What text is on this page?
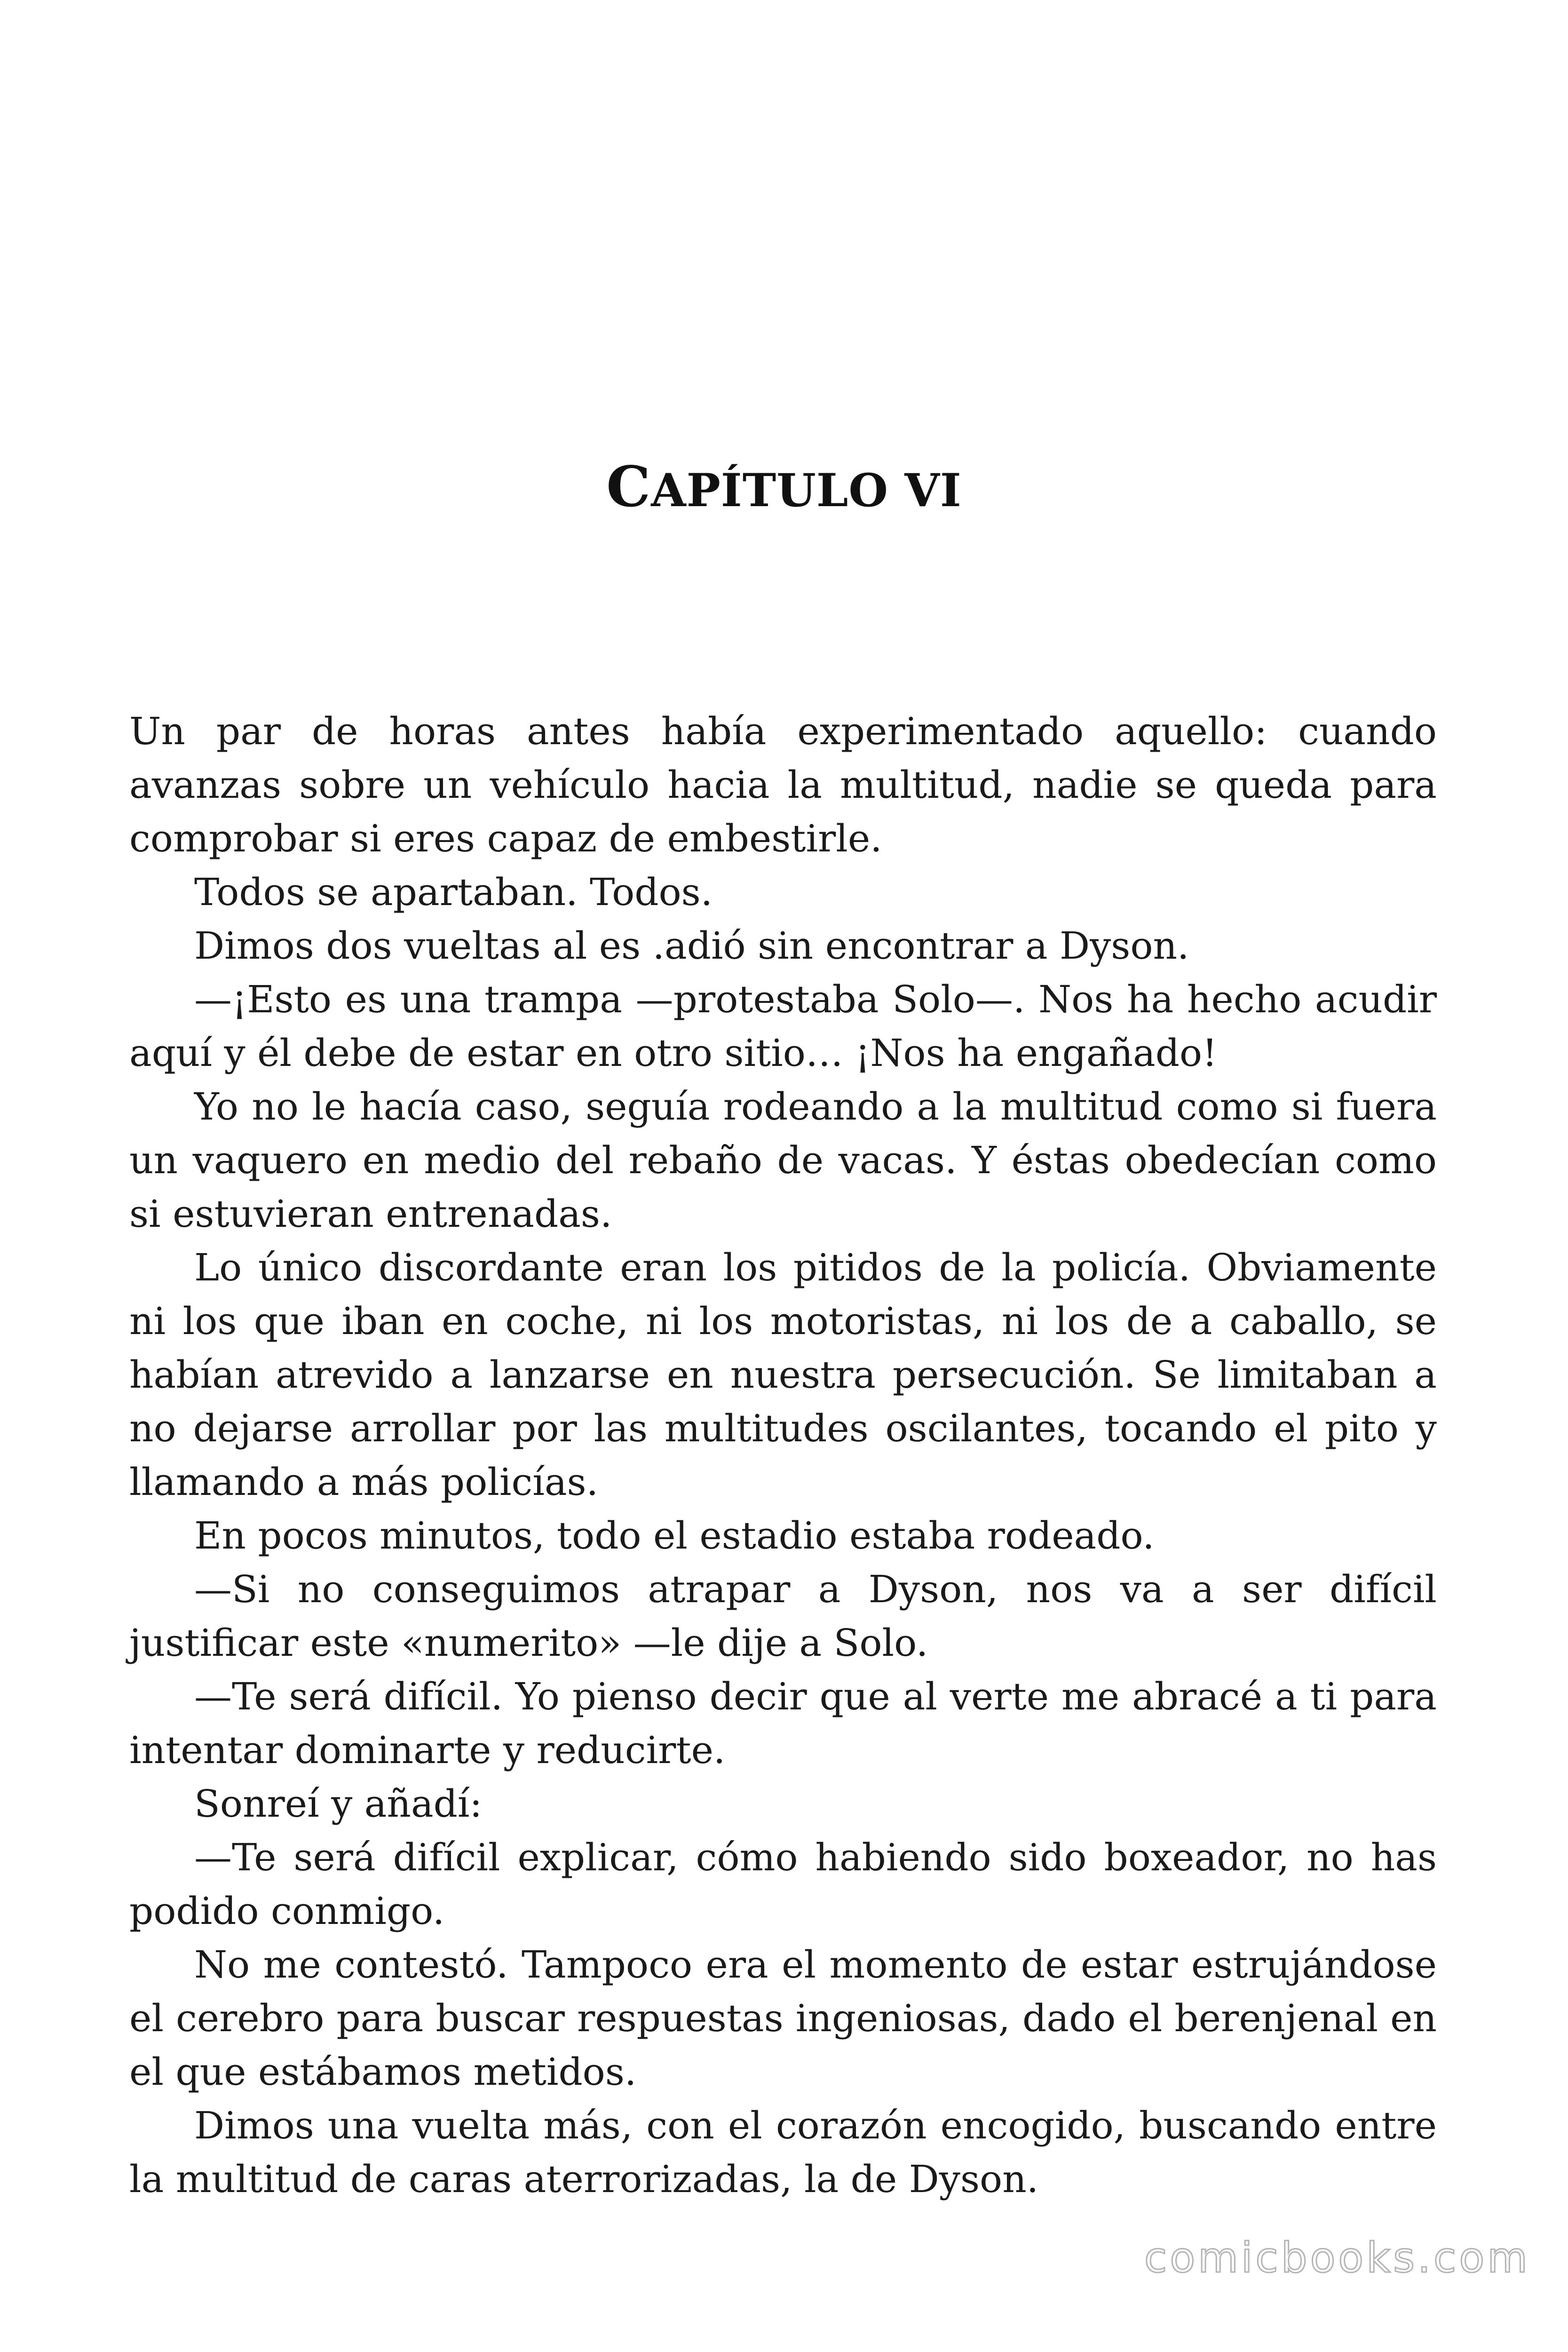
CAPÍTULO VI

Un par de horas antes había experimentado aquello: cuando avanzas sobre un vehículo hacia la multitud, nadie se queda para comprobar si eres capaz de embestirle.

Todos se apartaban. Todos.

Dimos dos vueltas al es .adió sin encontrar a Dyson.

—¡Esto es una trampa —protestaba Solo—. Nos ha hecho acudir aquí y él debe de estar en otro sitio… ¡Nos ha engañado!

Yo no le hacía caso, seguía rodeando a la multitud como si fuera un vaquero en medio del rebaño de vacas. Y éstas obedecían como si estuvieran entrenadas.

Lo único discordante eran los pitidos de la policía. Obviamente ni los que iban en coche, ni los motoristas, ni los de a caballo, se habían atrevido a lanzarse en nuestra persecución. Se limitaban a no dejarse arrollar por las multitudes oscilantes, tocando el pito y llamando a más policías.

En pocos minutos, todo el estadio estaba rodeado.

—Si no conseguimos atrapar a Dyson, nos va a ser difícil justificar este «numerito» —le dije a Solo.

—Te será difícil. Yo pienso decir que al verte me abracé a ti para intentar dominarte y reducirte.

Sonreí y añadí:

—Te será difícil explicar, cómo habiendo sido boxeador, no has podido conmigo.

No me contestó. Tampoco era el momento de estar estrujándose el cerebro para buscar respuestas ingeniosas, dado el berenjenal en el que estábamos metidos.

Dimos una vuelta más, con el corazón encogido, buscando entre la multitud de caras aterrorizadas, la de Dyson.

comicbooks.com
